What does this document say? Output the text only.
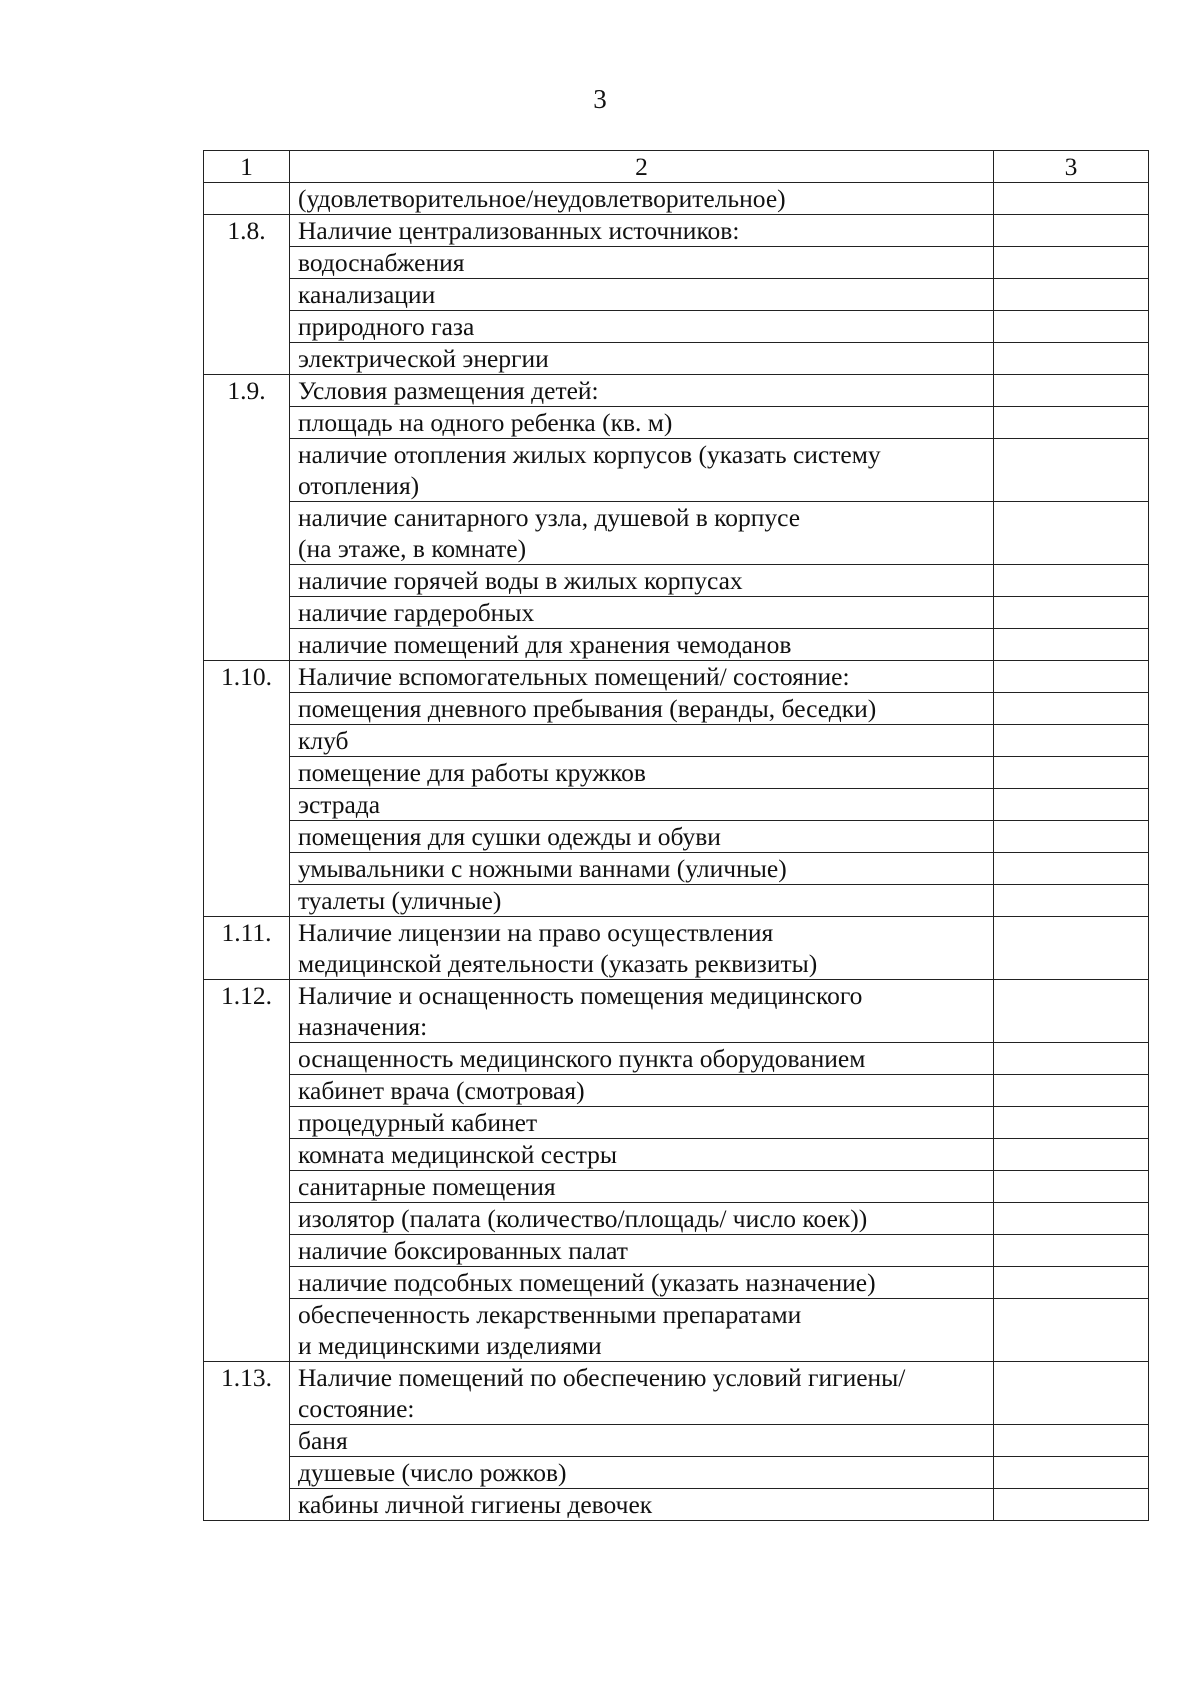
3
1	2	3
	(удовлетворительное/неудовлетворительное)	
1.8.	Наличие централизованных источников:	
	водоснабжения	
	канализации	
	природного газа	
	электрической энергии	
1.9.	Условия размещения детей:	
	площадь на одного ребенка (кв. м)	
	наличие отопления жилых корпусов (указать систему
отопления)	
	наличие санитарного узла, душевой в корпусе
(на этаже, в комнате)	
	наличие горячей воды в жилых корпусах	
	наличие гардеробных	
	наличие помещений для хранения чемоданов	
1.10.	Наличие вспомогательных помещений/ состояние:	
	помещения дневного пребывания (веранды, беседки)	
	клуб	
	помещение для работы кружков	
	эстрада	
	помещения для сушки одежды и обуви	
	умывальники с ножными ваннами (уличные)	
	туалеты (уличные)	
1.11.	Наличие лицензии на право осуществления
медицинской деятельности (указать реквизиты)	
1.12.	Наличие и оснащенность помещения медицинского
назначения:	
	оснащенность медицинского пункта оборудованием	
	кабинет врача (смотровая)	
	процедурный кабинет	
	комната медицинской сестры	
	санитарные помещения	
	изолятор (палата (количество/площадь/ число коек))	
	наличие боксированных палат	
	наличие подсобных помещений (указать назначение)	
	обеспеченность лекарственными препаратами
и медицинскими изделиями	
1.13.	Наличие помещений по обеспечению условий гигиены/
состояние:	
	баня	
	душевые (число рожков)	
	кабины личной гигиены девочек	
